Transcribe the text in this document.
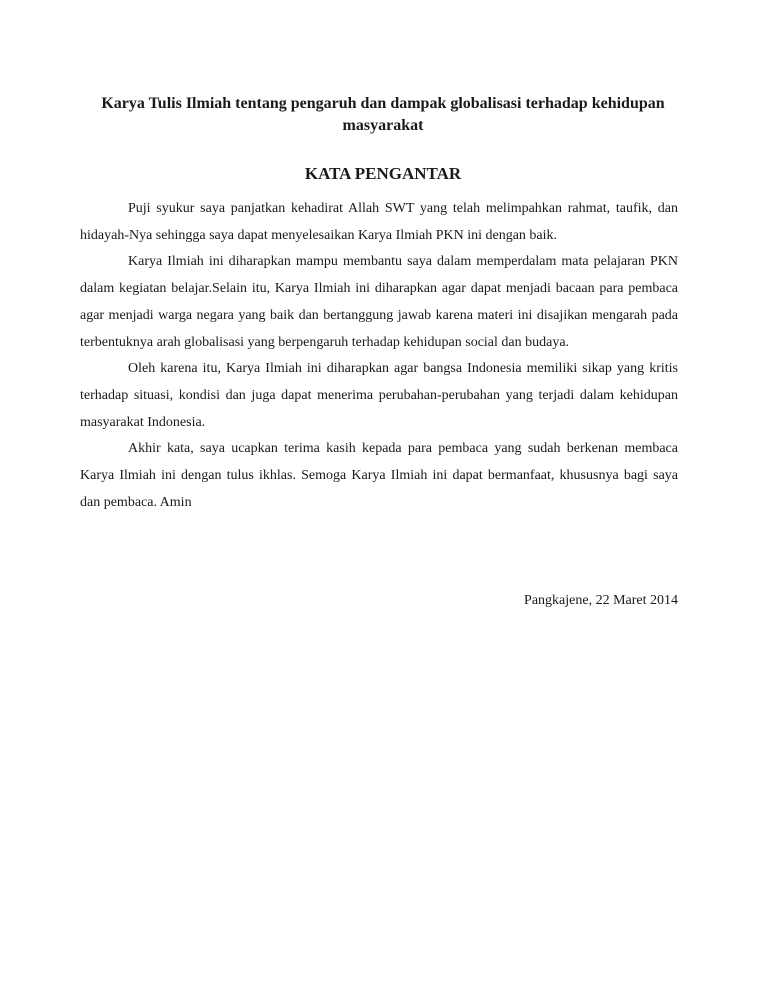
Karya Tulis Ilmiah tentang pengaruh dan dampak globalisasi terhadap kehidupan masyarakat
KATA PENGANTAR

Puji syukur saya panjatkan kehadirat Allah SWT yang telah melimpahkan rahmat, taufik, dan hidayah-Nya sehingga saya dapat menyelesaikan Karya Ilmiah PKN ini dengan baik.

Karya Ilmiah ini diharapkan mampu membantu saya dalam memperdalam mata pelajaran PKN dalam kegiatan belajar.Selain itu, Karya Ilmiah ini diharapkan agar dapat menjadi bacaan para pembaca agar menjadi warga negara yang baik dan bertanggung jawab karena materi ini disajikan mengarah pada terbentuknya arah globalisasi yang berpengaruh terhadap kehidupan social dan budaya.

Oleh karena itu, Karya Ilmiah ini diharapkan agar bangsa Indonesia memiliki sikap yang kritis terhadap situasi, kondisi dan juga dapat menerima perubahan-perubahan yang terjadi dalam kehidupan masyarakat Indonesia.

Akhir kata, saya ucapkan terima kasih kepada para pembaca yang sudah berkenan membaca Karya Ilmiah ini dengan tulus ikhlas. Semoga Karya Ilmiah ini dapat bermanfaat, khususnya bagi saya dan pembaca. Amin

Pangkajene, 22 Maret 2014
